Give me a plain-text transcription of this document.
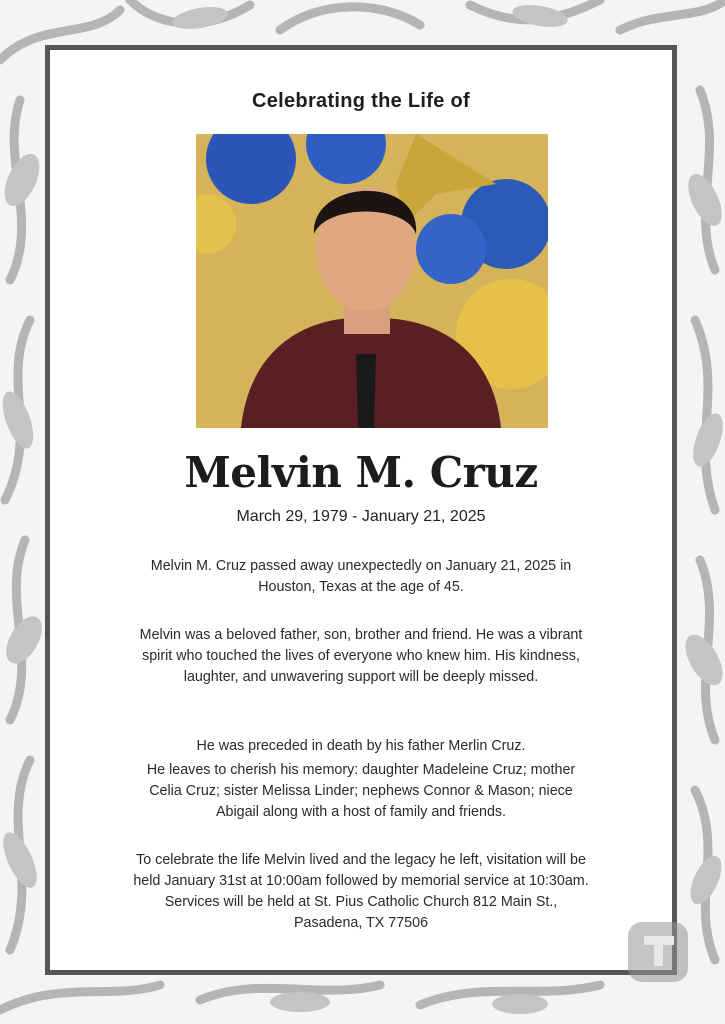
Celebrating the Life of
Melvin M. Cruz
March 29, 1979 - January 21, 2025
Melvin M. Cruz passed away unexpectedly on January 21, 2025 in Houston, Texas at the age of 45.
Melvin was a beloved father, son, brother and friend. He was a vibrant spirit who touched the lives of everyone who knew him. His kindness, laughter, and unwavering support will be deeply missed.
He was preceded in death by his father Merlin Cruz.
He leaves to cherish his memory: daughter Madeleine Cruz; mother Celia Cruz; sister Melissa Linder; nephews Connor & Mason; niece Abigail along with a host of family and friends.
To celebrate the life Melvin lived and the legacy he left, visitation will be held January 31st at 10:00am followed by memorial service at 10:30am. Services will be held at St. Pius Catholic Church 812 Main St., Pasadena, TX 77506
